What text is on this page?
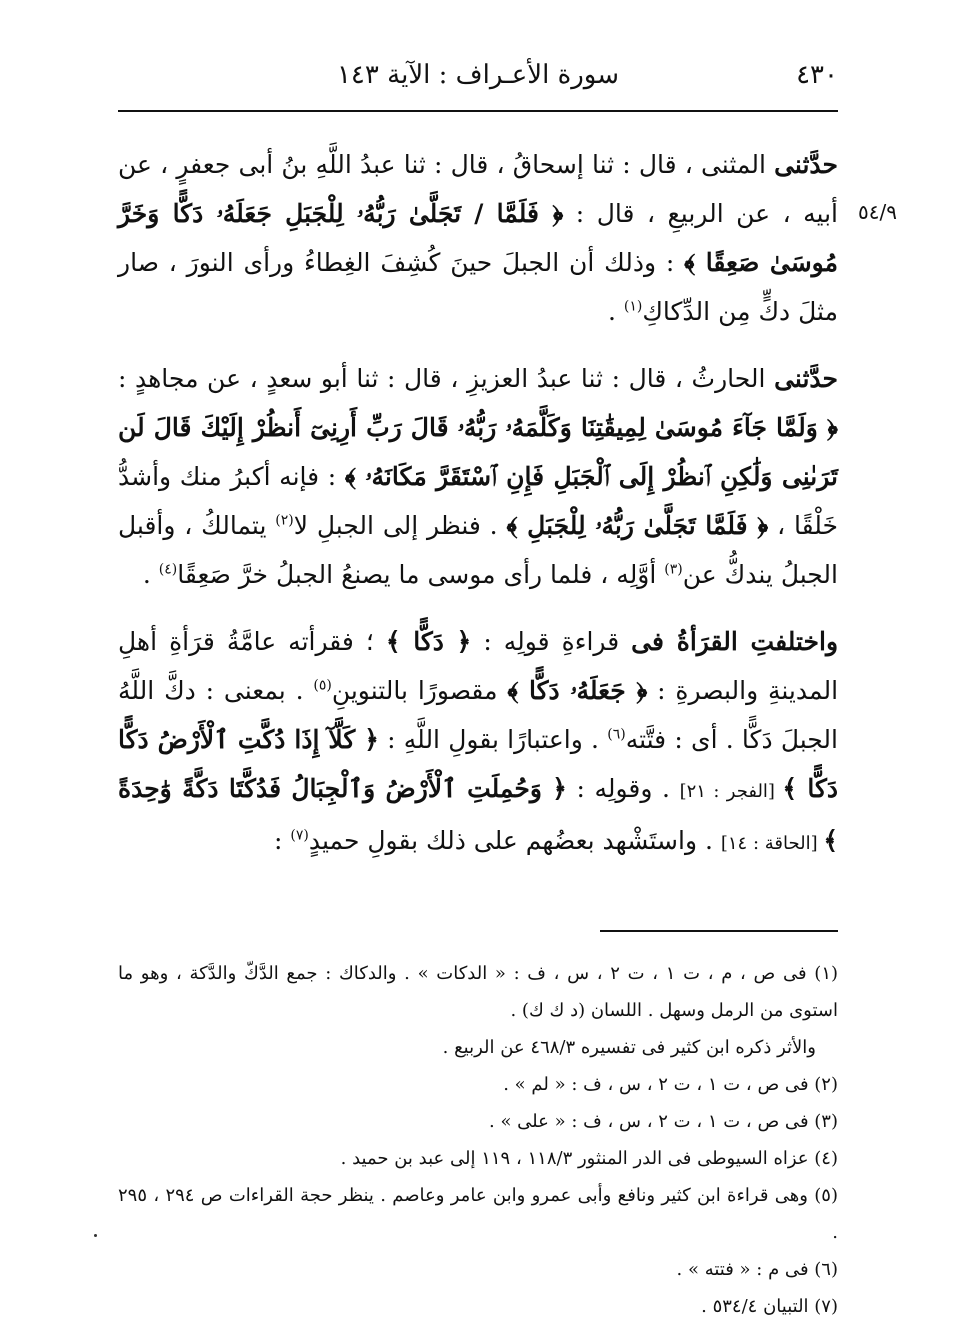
٤٣٠
سورة الأعـراف : الآية ١٤٣
٥٤/٩

حدَّثنى المثنى ، قال : ثنا إسحاقُ ، قال : ثنا عبدُ اللَّهِ بنُ أبى جعفرٍ ، عن أبيه ، عن الربيعِ ، قال : ﴿ فَلَمَّا / تَجَلَّىٰ رَبُّهُۥ لِلْجَبَلِ جَعَلَهُۥ دَكًّا وَخَرَّ مُوسَىٰ صَعِقًا ﴾ : وذلك أن الجبلَ حينَ كُشِفَ الغِطاءُ ورأى النورَ ، صار مثلَ دكٍّ مِن الدِّكاكِ$^{(١)}$ .

حدَّثنى الحارثُ ، قال : ثنا عبدُ العزيزِ ، قال : ثنا أبو سعدٍ ، عن مجاهدٍ : ﴿ وَلَمَّا جَآءَ مُوسَىٰ لِمِيقَٰتِنَا وَكَلَّمَهُۥ رَبُّهُۥ قَالَ رَبِّ أَرِنِىٓ أَنظُرْ إِلَيْكَ قَالَ لَن تَرَىٰنِى وَلَٰكِنِ ٱنظُرْ إِلَى ٱلْجَبَلِ فَإِنِ ٱسْتَقَرَّ مَكَانَهُۥ ﴾ : فإنه أكبرُ منك وأشدُّ خَلْقًا ، ﴿ فَلَمَّا تَجَلَّىٰ رَبُّهُۥ لِلْجَبَلِ ﴾ . فنظر إلى الجبلِ لا$^{(٢)}$ يتمالكُ ، وأقبل الجبلُ يندكُّ عن$^{(٣)}$ أوَّلِه ، فلما رأى موسى ما يصنعُ الجبلُ خرَّ صَعِقًا$^{(٤)}$ .

واختلفتِ القرَأةُ فى قراءةِ قولِه : ﴿ دَكًّا ﴾ ؛ فقرأته عامَّةُ قرَأةِ أهلِ المدينةِ والبصرةِ : ﴿ جَعَلَهُۥ دَكًّا ﴾ مقصورًا بالتنوينِ$^{(٥)}$ . بمعنى : دكَّ اللَّهُ الجبلَ دَكًّا . أى : فتَّته$^{(٦)}$ . واعتبارًا بقولِ اللَّهِ : ﴿ كَلَّآ إِذَا دُكَّتِ ٱلْأَرْضُ دَكًّا دَكًّا ﴾ [الفجر : ٢١] . وقولِه : ﴿ وَحُمِلَتِ ٱلْأَرْضُ وَٱلْجِبَالُ فَدُكَّتَا دَكَّةً وَٰحِدَةً ﴾ [الحاقة : ١٤] . واستَشْهد بعضُهم على ذلك بقولِ حميدٍ$^{(٧)}$ :

(١) فى ص ، م ، ت ١ ، ت ٢ ، س ، ف : « الدكات » . والدكاك : جمع الدَّكّ والدَّكة ، وهو ما استوى من الرمل وسهل . اللسان (د ك ك) .

والأثر ذكره ابن كثير فى تفسيره ٤٦٨/٣ عن الربيع .

(٢) فى ص ، ت ١ ، ت ٢ ، س ، ف : « لم » .

(٣) فى ص ، ت ١ ، ت ٢ ، س ، ف : « على » .

(٤) عزاه السيوطى فى الدر المنثور ١١٨/٣ ، ١١٩ إلى عبد بن حميد .

(٥) وهى قراءة ابن كثير ونافع وأبى عمرو وابن عامر وعاصم . ينظر حجة القراءات ص ٢٩٤ ، ٢٩٥ .

(٦) فى م : « فتته » .

(٧) التبيان ٥٣٤/٤ .
